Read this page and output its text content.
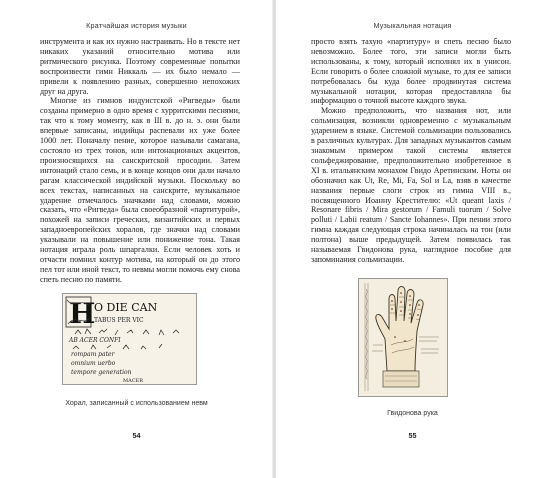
Кратчайшая история музыки

инструмента и как их нужно настраивать. Но в тексте нет никаких указаний относительно мотива или ритмического рисунка. Поэтому современные попытки воспроизвести гимн Никкаль — их было немало — привели к появлению разных, совершенно непохожих друг на друга.

Многие из гимнов индуистской «Ригведы» были созданы примерно в одно время с хурритскими песнями, так что к тому моменту, как в III в. до н. э. они были впервые записаны, индийцы распевали их уже более 1000 лет. Поначалу пение, которое называли самагана, состояло из трех тонов, или интонационных акцентов, произносящихся на санскритской просодии. Затем интонаций стало семь, и в конце концов они дали начало рагам классической индийской музыки. Поскольку во всех текстах, написанных на санскрите, музыкальное ударение отмечалось значками над словами, можно сказать, что «Ригведа» была своеобразной «партитурой», похожей на записи греческих, византийских и первых западноевропейских хоралов, где значки над словами указывали на повышение или понижение тона. Такая нотация играла роль шпаргалки. Если человек хоть и отчасти помнил контур мотива, на который он до этого пел тот или иной текст, то невмы могли помочь ему снова спеть песню по памяти.

H
O DIE CAN
TABUS PER VIC
AB ACER CONFI
rompam pater
omnium uerbo
tempore generation
MACER
Хорал, записанный с использованием невм
54
Музыкальная нотация

просто взять тахую «партитуру» и спеть песню было невозможно. Более того, эти записи могли быть использованы, к тому, который исполнял их в унисон. Если говорить о более сложной музыке, то для ее записи потребовалась бы куда более продвинутая система музыкальной нотации, которая предоставляла бы информацию о точной высоте каждого звука.

Можно предположить, что названия нот, или сольмизация, возникли одновременно с музыкальным ударением в языке. Системой сольмизации пользовались в различных культурах. Для западных музыкантов самым знакомым примером такой системы является сольфеджирование, предположительно изобретенное в XI в. итальянским монахом Гвидо Аретинским. Ноты он обозначил как Ut, Re, Mi, Fa, Sol и La, взяв в качестве названия первые слоги строк из гимна VIII в., посвященного Иоанну Крестителю: «Ut queant laxis / Resonare fibris / Mira gestorum / Famuli tuorum / Solve polluti / Labii reatum / Sancte Iohannes». При пении этого гимна каждая следующая строка начиналась на тон (или полтона) выше предыдущей. Затем появилась так называемая Гвидонова рука, наглядное пособие для запоминания сольмизации.

Гвидонова рука
55
